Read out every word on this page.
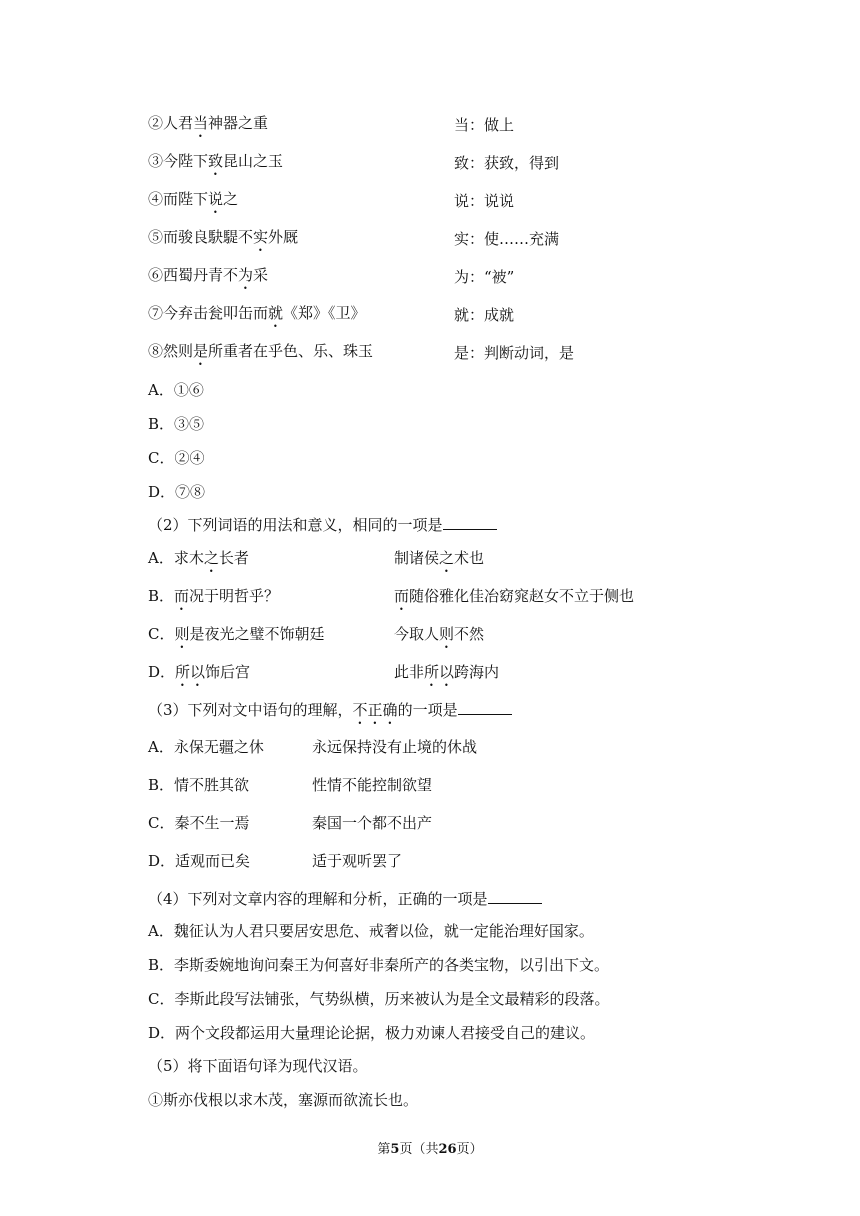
②人君当神器之重	当：做上
③今陛下致昆山之玉	致：获致，得到
④而陛下说之	说：说说
⑤而骏良駃騠不实外厩	实：使……充满
⑥西蜀丹青不为采	为：“被”
⑦今弃击瓮叩缶而就《郑》《卫》	就：成就
⑧然则是所重者在乎色、乐、珠玉	是：判断动词，是
A．①⑥
B．③⑤
C．②④
D．⑦⑧
（2）下列词语的用法和意义，相同的一项是
A．求木之长者	制诸侯之术也
B．而况于明哲乎？	而随俗雅化佳冶窈窕赵女不立于侧也
C．则是夜光之璧不饰朝廷	今取人则不然
D．所以饰后宫	此非所以跨海内
（3）下列对文中语句的理解，不正确的一项是
A．永保无疆之休	永远保持没有止境的休战
B．情不胜其欲	性情不能控制欲望
C．秦不生一焉	秦国一个都不出产
D．适观而已矣	适于观听罢了
（4）下列对文章内容的理解和分析，正确的一项是
A．魏征认为人君只要居安思危、戒奢以俭，就一定能治理好国家。
B．李斯委婉地询问秦王为何喜好非秦所产的各类宝物，以引出下文。
C．李斯此段写法铺张，气势纵横，历来被认为是全文最精彩的段落。
D．两个文段都运用大量理论论据，极力劝谏人君接受自己的建议。
（5）将下面语句译为现代汉语。
①斯亦伐根以求木茂，塞源而欲流长也。
第5页（共26页）
